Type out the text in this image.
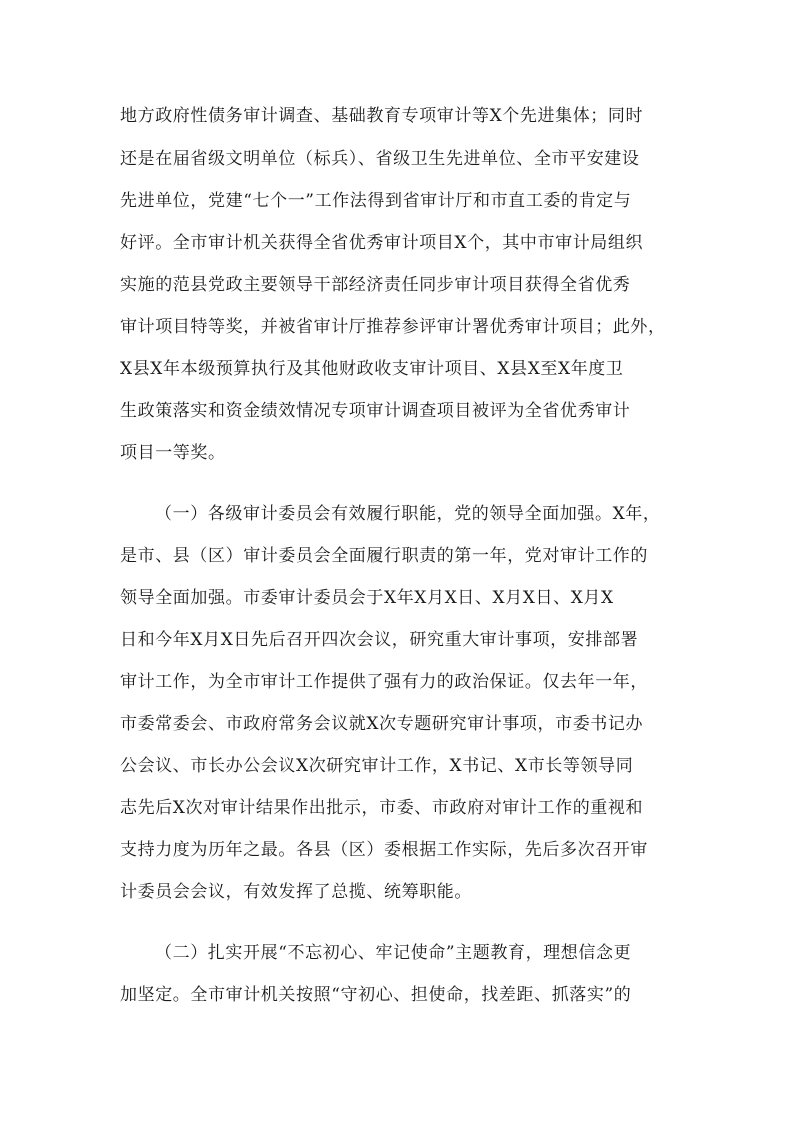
地方政府性债务审计调查、基础教育专项审计等X个先进集体；同时
还是在届省级文明单位（标兵）、省级卫生先进单位、全市平安建设
先进单位，党建“七个一”工作法得到省审计厅和市直工委的肯定与
好评。全市审计机关获得全省优秀审计项目X个，其中市审计局组织
实施的范县党政主要领导干部经济责任同步审计项目获得全省优秀
审计项目特等奖，并被省审计厅推荐参评审计署优秀审计项目；此外，
X县X年本级预算执行及其他财政收支审计项目、X县X至X年度卫
生政策落实和资金绩效情况专项审计调查项目被评为全省优秀审计
项目一等奖。
（一）各级审计委员会有效履行职能，党的领导全面加强。X年，
是市、县（区）审计委员会全面履行职责的第一年，党对审计工作的
领导全面加强。市委审计委员会于X年X月X日、X月X日、X月X
日和今年X月X日先后召开四次会议，研究重大审计事项，安排部署
审计工作，为全市审计工作提供了强有力的政治保证。仅去年一年，
市委常委会、市政府常务会议就X次专题研究审计事项，市委书记办
公会议、市长办公会议X次研究审计工作，X书记、X市长等领导同
志先后X次对审计结果作出批示，市委、市政府对审计工作的重视和
支持力度为历年之最。各县（区）委根据工作实际，先后多次召开审
计委员会会议，有效发挥了总揽、统筹职能。
（二）扎实开展“不忘初心、牢记使命”主题教育，理想信念更
加坚定。全市审计机关按照“守初心、担使命，找差距、抓落实”的
